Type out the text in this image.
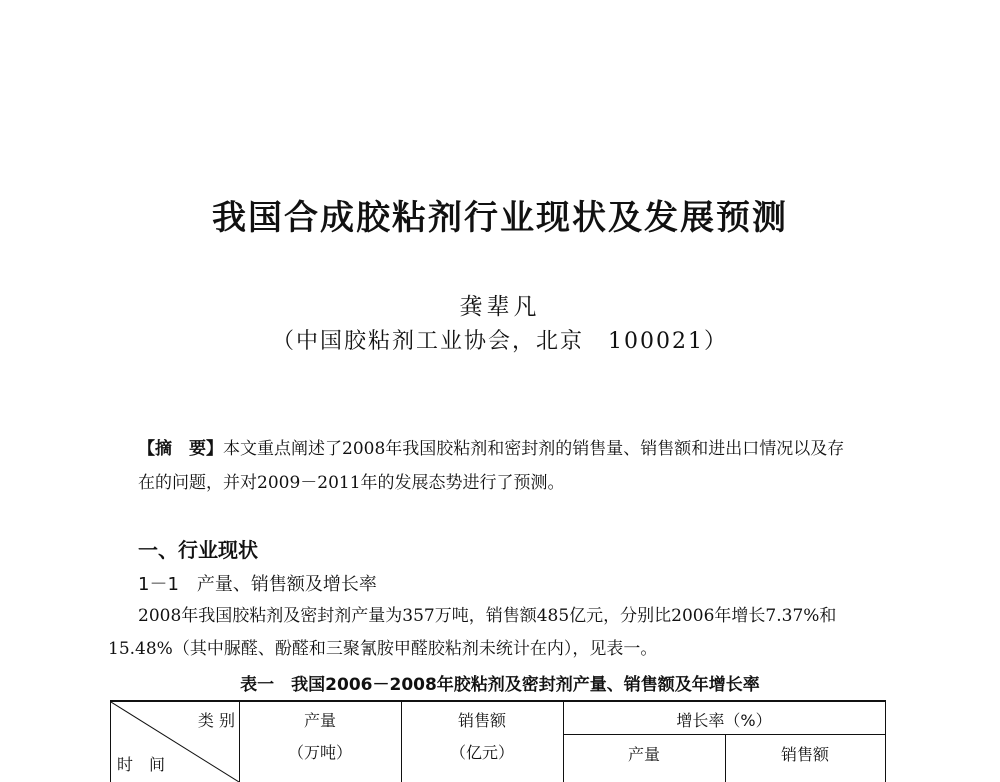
我国合成胶粘剂行业现状及发展预测
龚辈凡
（中国胶粘剂工业协会，北京　100021）
【摘　要】本文重点阐述了2008年我国胶粘剂和密封剂的销售量、销售额和进出口情况以及存在的问题，并对2009－2011年的发展态势进行了预测。
一、行业现状
1－1 产量、销售额及增长率
2008年我国胶粘剂及密封剂产量为357万吨，销售额485亿元，分别比2006年增长7.37%和15.48%（其中脲醛、酚醛和三聚氰胺甲醛胶粘剂未统计在内），见表一。
表一　我国2006－2008年胶粘剂及密封剂产量、销售额及年增长率
类 别
时　间
产量
（万吨）
销售额
（亿元）
增长率（%）
产量	销售额
